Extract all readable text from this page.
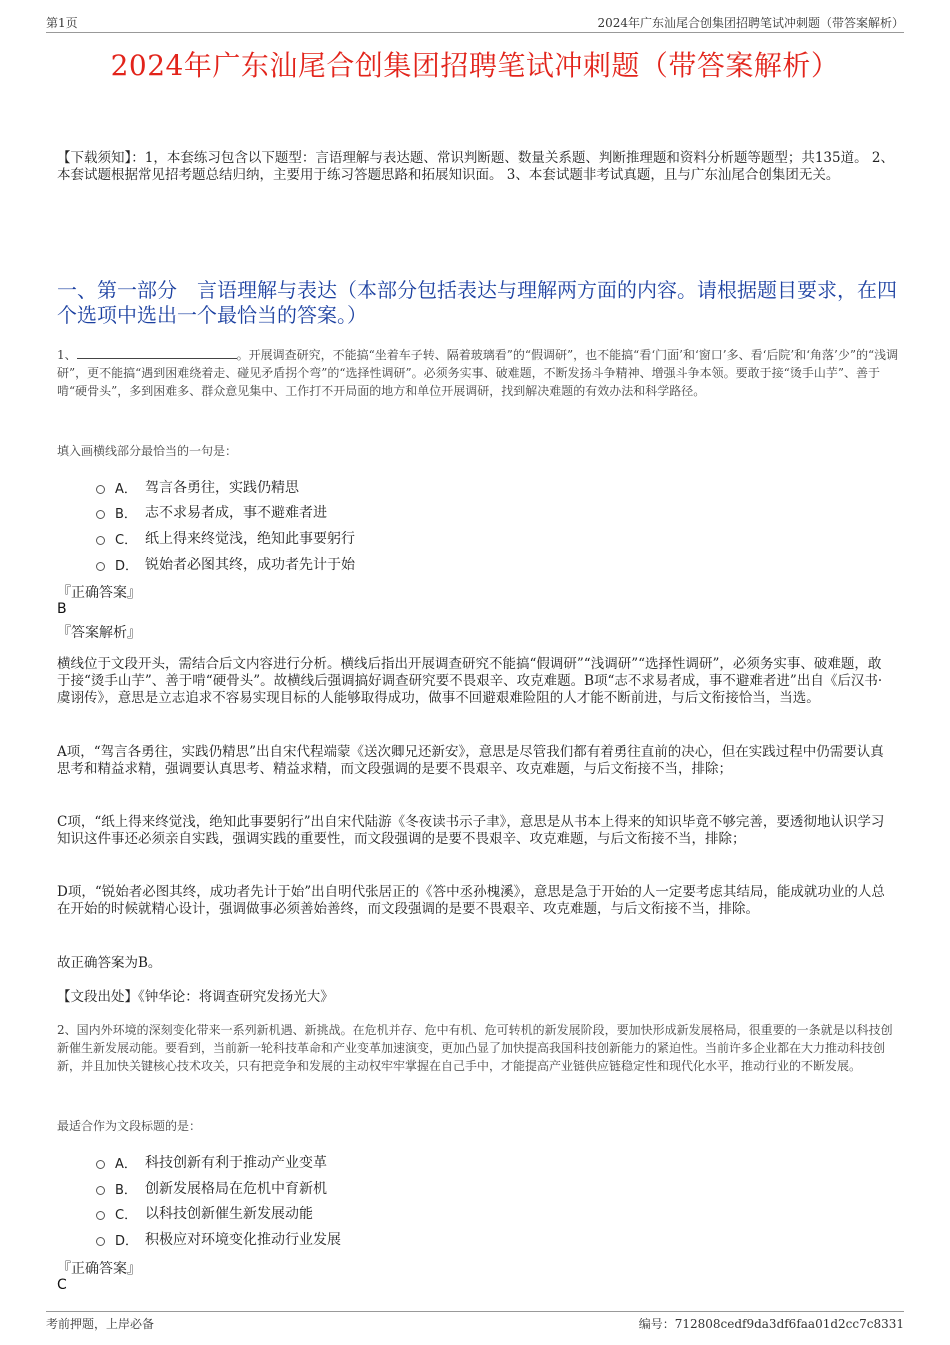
第1页	2024年广东汕尾合创集团招聘笔试冲刺题（带答案解析）
2024年广东汕尾合创集团招聘笔试冲刺题（带答案解析）
【下载须知】：1，本套练习包含以下题型：言语理解与表达题、常识判断题、数量关系题、判断推理题和资料分析题等题型；共135道。 2、本套试题根据常见招考题总结归纳，主要用于练习答题思路和拓展知识面。 3、本套试题非考试真题，且与广东汕尾合创集团无关。
一、第一部分　言语理解与表达（本部分包括表达与理解两方面的内容。请根据题目要求，在四个选项中选出一个最恰当的答案。）
1、	。开展调查研究，不能搞“坐着车子转、隔着玻璃看”的“假调研”，也不能搞“看‘门面’和‘窗口’多、看‘后院’和‘角落’少”的“浅调研”，更不能搞“遇到困难绕着走、碰见矛盾拐个弯”的“选择性调研”。必须务实事、破难题，不断发扬斗争精神、增强斗争本领。要敢于接“烫手山芋”、善于啃“硬骨头”，多到困难多、群众意见集中、工作打不开局面的地方和单位开展调研，找到解决难题的有效办法和科学路径。
填入画横线部分最恰当的一句是：
A． 驾言各勇往，实践仍精思
B． 志不求易者成，事不避难者进
C． 纸上得来终觉浅，绝知此事要躬行
D． 锐始者必图其终，成功者先计于始
『正确答案』
B
『答案解析』
横线位于文段开头，需结合后文内容进行分析。横线后指出开展调查研究不能搞“假调研”“浅调研”“选择性调研”，必须务实事、破难题，敢于接“烫手山芋”、善于啃“硬骨头”。故横线后强调搞好调查研究要不畏艰辛、攻克难题。B项“志不求易者成，事不避难者进”出自《后汉书·虞诩传》，意思是立志追求不容易实现目标的人能够取得成功，做事不回避艰难险阻的人才能不断前进，与后文衔接恰当，当选。
A项，“驾言各勇往，实践仍精思”出自宋代程端蒙《送次卿兄还新安》，意思是尽管我们都有着勇往直前的决心，但在实践过程中仍需要认真思考和精益求精，强调要认真思考、精益求精，而文段强调的是要不畏艰辛、攻克难题，与后文衔接不当，排除；
C项，“纸上得来终觉浅，绝知此事要躬行”出自宋代陆游《冬夜读书示子聿》，意思是从书本上得来的知识毕竟不够完善，要透彻地认识学习知识这件事还必须亲自实践，强调实践的重要性，而文段强调的是要不畏艰辛、攻克难题，与后文衔接不当，排除；
D项，“锐始者必图其终，成功者先计于始”出自明代张居正的《答中丞孙槐溪》，意思是急于开始的人一定要考虑其结局，能成就功业的人总在开始的时候就精心设计，强调做事必须善始善终，而文段强调的是要不畏艰辛、攻克难题，与后文衔接不当，排除。
故正确答案为B。
【文段出处】《钟华论：将调查研究发扬光大》
2、国内外环境的深刻变化带来一系列新机遇、新挑战。在危机并存、危中有机、危可转机的新发展阶段，要加快形成新发展格局，很重要的一条就是以科技创新催生新发展动能。要看到，当前新一轮科技革命和产业变革加速演变，更加凸显了加快提高我国科技创新能力的紧迫性。当前许多企业都在大力推动科技创新，并且加快关键核心技术攻关，只有把竞争和发展的主动权牢牢掌握在自己手中，才能提高产业链供应链稳定性和现代化水平，推动行业的不断发展。
最适合作为文段标题的是：
A． 科技创新有利于推动产业变革
B． 创新发展格局在危机中育新机
C． 以科技创新催生新发展动能
D． 积极应对环境变化推动行业发展
『正确答案』
C
考前押题，上岸必备	编号：712808cedf9da3df6faa01d2cc7c8331
